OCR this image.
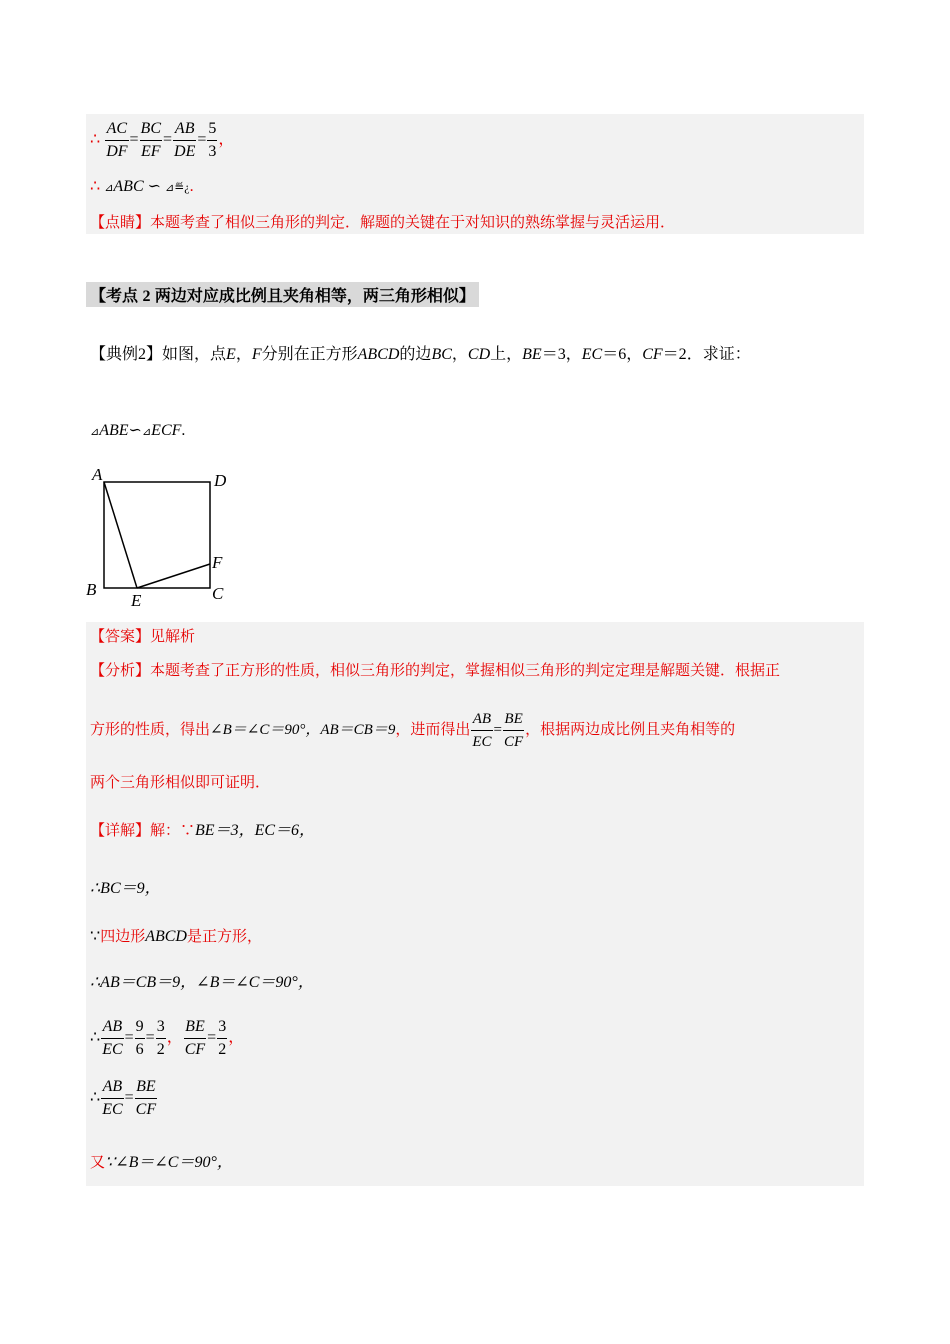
∴ $\frac{AC}{DF} = \frac{BC}{EF} = \frac{AB}{DE} = \frac{5}{3}$ ，
∴ ⊿ABC ∽ ⊿≝¿.
【点睛】本题考查了相似三角形的判定．解题的关键在于对知识的熟练掌握与灵活运用．
【考点 2 两边对应成比例且夹角相等，两三角形相似】
【典例2】如图，点E，F分别在正方形ABCD的边BC，CD上，BE＝3，EC＝6，CF＝2．求证：
⊿ABE∽⊿ECF.
A	D
F
B	C
E
【答案】见解析
【分析】本题考查了正方形的性质，相似三角形的判定，掌握相似三角形的判定定理是解题关键．根据正
方形的性质，得出∠B＝∠C＝90°，AB＝CB＝9，进而得出 $\frac{AB}{EC} = \frac{BE}{CF}$ ，根据两边成比例且夹角相等的
两个三角形相似即可证明．
【详解】解：∵BE＝3，EC＝6，
∴BC＝9，
∵四边形ABCD是正方形，
∴AB＝CB＝9，∠B＝∠C＝90°，
∴ $\frac{AB}{EC} = \frac{9}{6} = \frac{3}{2}$ ， $\frac{BE}{CF} = \frac{3}{2}$ ，
∴ $\frac{AB}{EC} = \frac{BE}{CF}$
又∵∠B＝∠C＝90°，
